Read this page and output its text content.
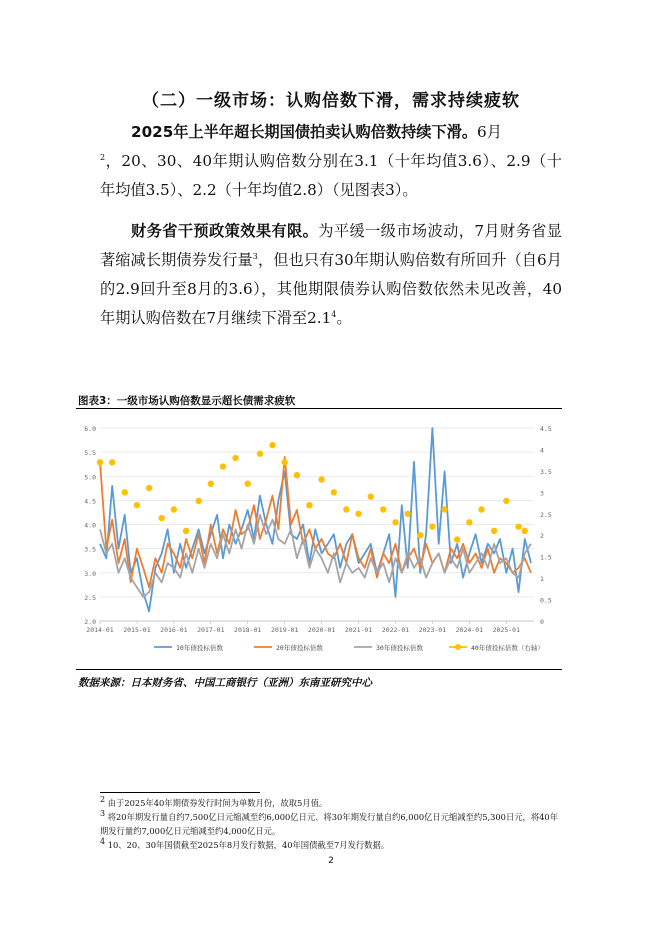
（二）一级市场：认购倍数下滑，需求持续疲软
2025年上半年超长期国债拍卖认购倍数持续下滑。6月
$^2$，20、30、40年期认购倍数分别在3.1（十年均值3.6）、2.9（十年均值3.5）、2.2（十年均值2.8）（见图表3）。
财务省干预政策效果有限。为平缓一级市场波动，7月财务省显著缩减长期债券发行量$^3$，但也只有30年期认购倍数有所回升（自6月的2.9回升至8月的3.6），其他期限债券认购倍数依然未见改善，40年期认购倍数在7月继续下滑至$2.1^4$。
图表3：一级市场认购倍数显示超长债需求疲软
2.0
2.5
3.0
3.5
4.0
4.5
5.0
5.5
6.0
0
0.5
1
1.5
2
2.5
3
3.5
4
4.5
2014-01 2015-01 2016-01 2017-01 2018-01 2019-01 2020-01 2021-01 2022-01 2023-01 2024-01 2025-01
10年债投标倍数	20年债投标倍数	30年债投标倍数	40年债投标倍数（右轴）
数据来源：日本财务省、中国工商银行（亚洲）东南亚研究中心
$^2$ 由于2025年40年期债券发行时间为单数月份，故取5月值。
$^3$ 将20年期发行量自约7,500亿日元缩减至约6,000亿日元、将30年期发行量自约6,000亿日元缩减至约5,300日元，将40年期发行量约7,000亿日元缩减至约4,000亿日元。
$^4$ 10、20、30年国债截至2025年8月发行数据，40年国债截至7月发行数据。
2
